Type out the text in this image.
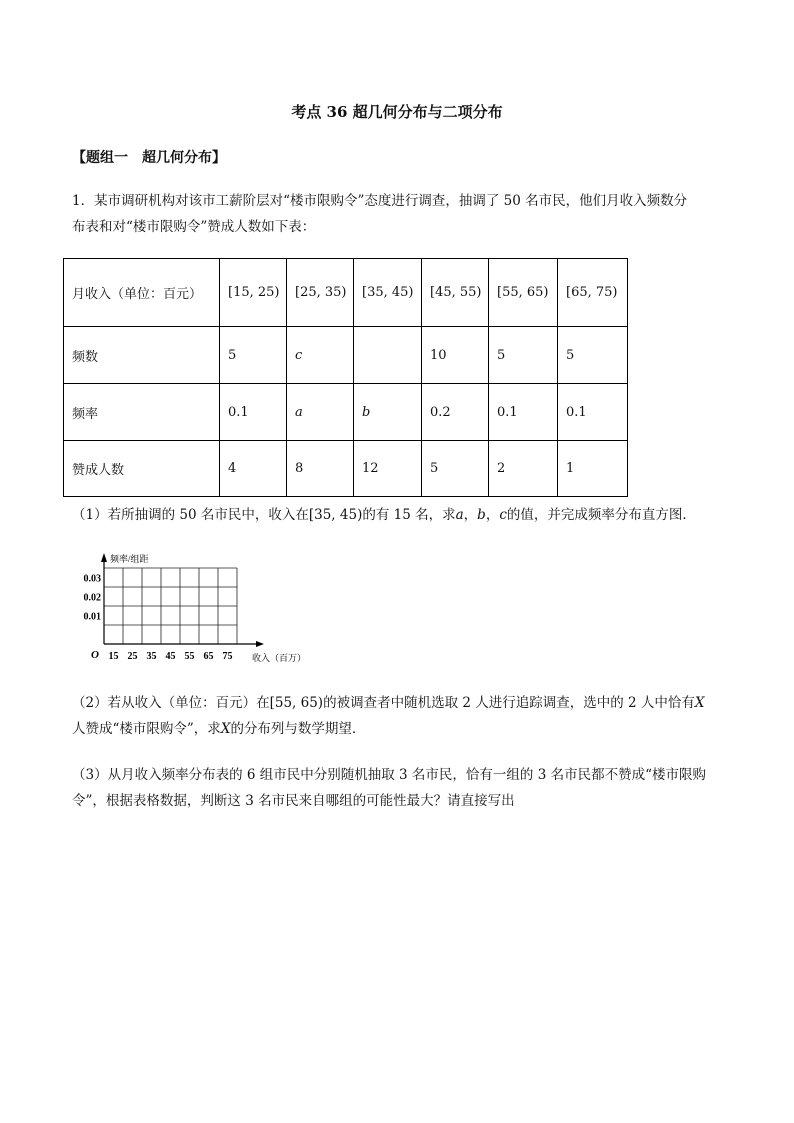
考点 36 超几何分布与二项分布
【题组一　超几何分布】
1．某市调研机构对该市工薪阶层对“楼市限购令”态度进行调查，抽调了 50 名市民，他们月收入频数分
布表和对“楼市限购令”赞成人数如下表：
月收入（单位：百元）	[15, 25)	[25, 35)	[35, 45)	[45, 55)	[55, 65)	[65, 75)
频数	5	c		10	5	5
频率	0.1	a	b	0.2	0.1	0.1
赞成人数	4	8	12	5	2	1
（1）若所抽调的 50 名市民中，收入在[35, 45)的有 15 名，求a，b，c的值，并完成频率分布直方图．
频率/组距
收入（百万）
O 15 25 35 45 55 65 75
0.01
0.02
0.03
（2）若从收入（单位：百元）在[55, 65)的被调查者中随机选取 2 人进行追踪调查，选中的 2 人中恰有X
人赞成“楼市限购令”，求X的分布列与数学期望．
（3）从月收入频率分布表的 6 组市民中分别随机抽取 3 名市民，恰有一组的 3 名市民都不赞成“楼市限购
令”，根据表格数据，判断这 3 名市民来自哪组的可能性最大？请直接写出
